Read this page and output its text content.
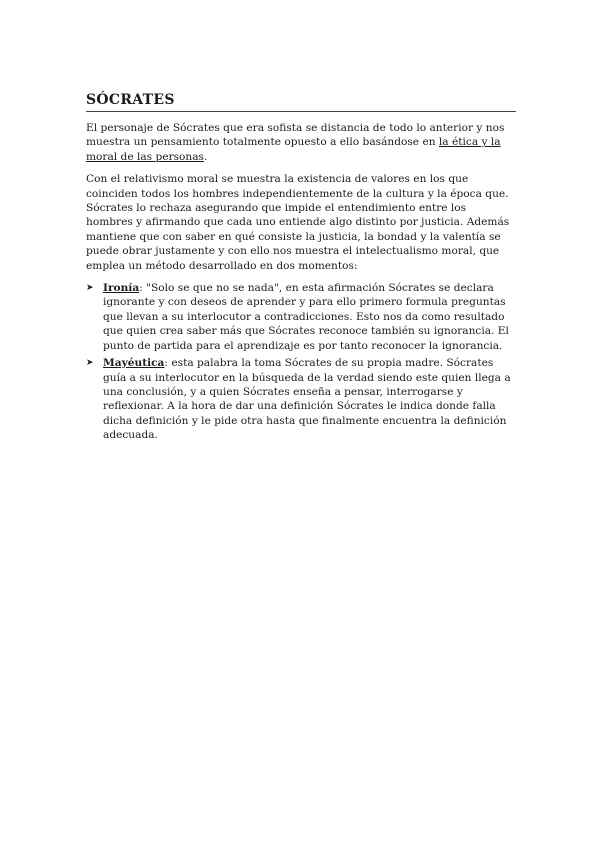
SÓCRATES

El personaje de Sócrates que era sofista se distancia de todo lo anterior y nos muestra un pensamiento totalmente opuesto a ello basándose en la ética y la moral de las personas.

Con el relativismo moral se muestra la existencia de valores en los que coinciden todos los hombres independientemente de la cultura y la época que. Sócrates lo rechaza asegurando que impide el entendimiento entre los hombres y afirmando que cada uno entiende algo distinto por justicia. Además mantiene que con saber en qué consiste la justicia, la bondad y la valentía se puede obrar justamente y con ello nos muestra el intelectualismo moral, que emplea un método desarrollado en dos momentos:

➤ Ironía: "Solo se que no se nada", en esta afirmación Sócrates se declara ignorante y con deseos de aprender y para ello primero formula preguntas que llevan a su interlocutor a contradicciones. Esto nos da como resultado que quien crea saber más que Sócrates reconoce también su ignorancia. El punto de partida para el aprendizaje es por tanto reconocer la ignorancia.
➤ Mayéutica: esta palabra la toma Sócrates de su propia madre. Sócrates guía a su interlocutor en la búsqueda de la verdad siendo este quien llega a una conclusión, y a quien Sócrates enseña a pensar, interrogarse y reflexionar. A la hora de dar una definición Sócrates le indica donde falla dicha definición y le pide otra hasta que finalmente encuentra la definición adecuada.
